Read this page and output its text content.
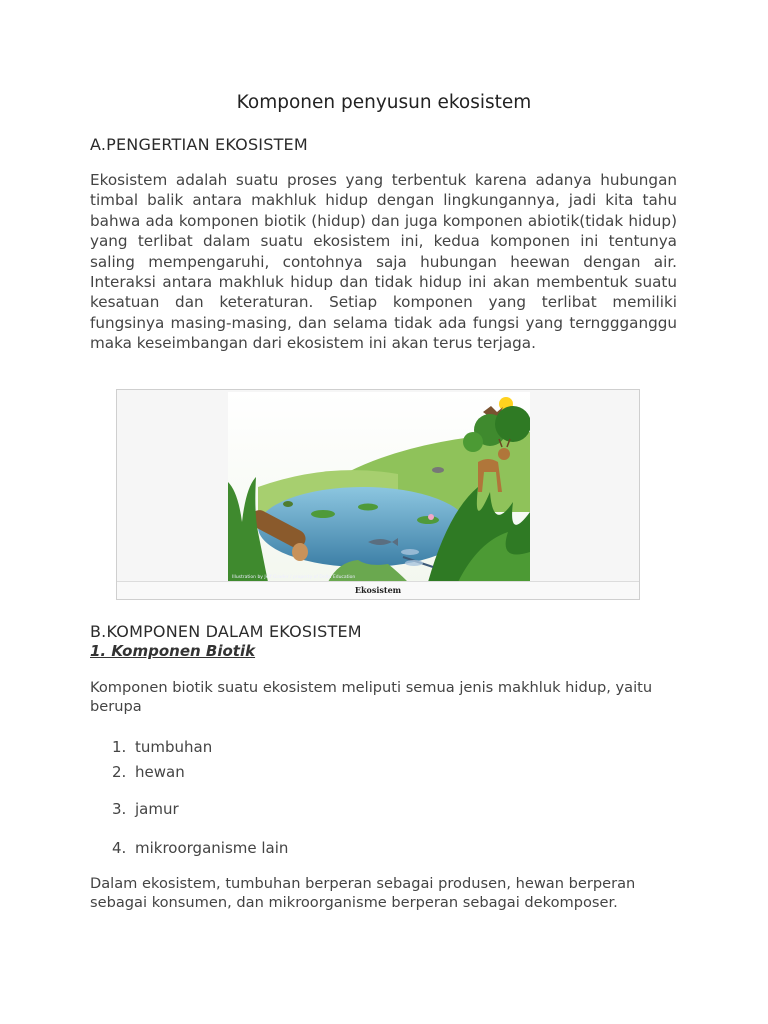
Komponen penyusun ekosistem
A.PENGERTIAN EKOSISTEM

Ekosistem adalah suatu proses yang terbentuk karena adanya hubungan timbal balik antara makhluk hidup dengan lingkungannya, jadi kita tahu bahwa ada komponen biotik (hidup) dan juga komponen abiotik(tidak hidup) yang terlibat dalam suatu ekosistem ini, kedua komponen ini tentunya saling mempengaruhi, contohnya saja hubungan heewan dengan air. Interaksi antara makhluk hidup dan tidak hidup ini akan membentuk suatu kesatuan dan keteraturan. Setiap komponen yang terlibat memiliki fungsinya masing-masing, dan selama tidak ada fungsi yang ternggganggu maka keseimbangan dari ekosistem ini akan terus terjaga.

Illustration by Jeff Grader / property of Delta Education
Ekosistem
B.KOMPONEN DALAM EKOSISTEM
1. Komponen Biotik

Komponen biotik suatu ekosistem meliputi semua jenis makhluk hidup, yaitu berupa

1. tumbuhan
2. hewan
3. jamur
4. mikroorganisme lain

Dalam ekosistem, tumbuhan berperan sebagai produsen, hewan berperan sebagai konsumen, dan mikroorganisme berperan sebagai dekomposer.
